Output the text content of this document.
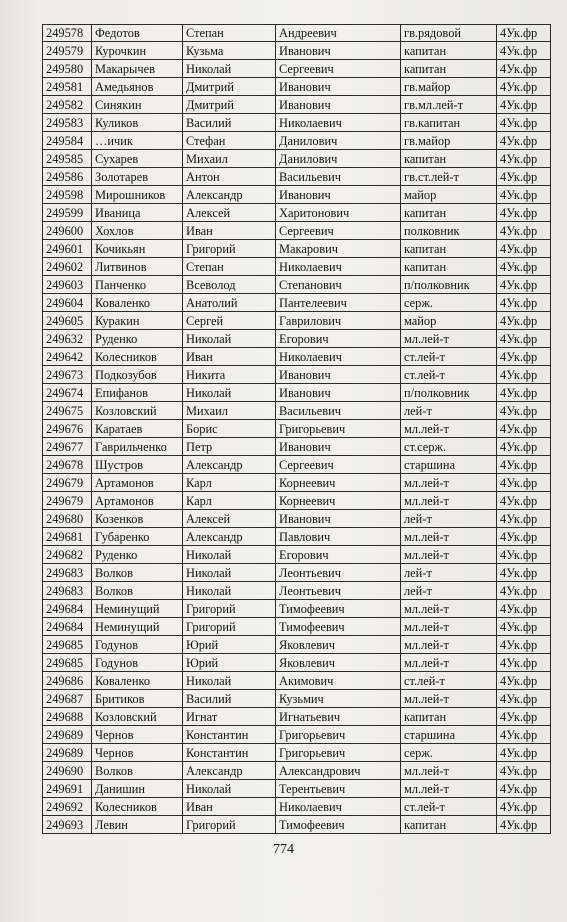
249578	Федотов	Степан	Андреевич	гв.рядовой	4Ук.фр
249579	Курочкин	Кузьма	Иванович	капитан	4Ук.фр
249580	Макарычев	Николай	Сергеевич	капитан	4Ук.фр
249581	Амедьянов	Дмитрий	Иванович	гв.майор	4Ук.фр
249582	Синякин	Дмитрий	Иванович	гв.мл.лей-т	4Ук.фр
249583	Куликов	Василий	Николаевич	гв.капитан	4Ук.фр
249584	…ичик	Стефан	Данилович	гв.майор	4Ук.фр
249585	Сухарев	Михаил	Данилович	капитан	4Ук.фр
249586	Золотарев	Антон	Васильевич	гв.ст.лей-т	4Ук.фр
249598	Мирошников	Александр	Иванович	майор	4Ук.фр
249599	Иваница	Алексей	Харитонович	капитан	4Ук.фр
249600	Хохлов	Иван	Сергеевич	полковник	4Ук.фр
249601	Кочикьян	Григорий	Макарович	капитан	4Ук.фр
249602	Литвинов	Степан	Николаевич	капитан	4Ук.фр
249603	Панченко	Всеволод	Степанович	п/полковник	4Ук.фр
249604	Коваленко	Анатолий	Пантелеевич	серж.	4Ук.фр
249605	Куракин	Сергей	Гаврилович	майор	4Ук.фр
249632	Руденко	Николай	Егорович	мл.лей-т	4Ук.фр
249642	Колесников	Иван	Николаевич	ст.лей-т	4Ук.фр
249673	Подкозубов	Никита	Иванович	ст.лей-т	4Ук.фр
249674	Епифанов	Николай	Иванович	п/полковник	4Ук.фр
249675	Козловский	Михаил	Васильевич	лей-т	4Ук.фр
249676	Каратаев	Борис	Григорьевич	мл.лей-т	4Ук.фр
249677	Гаврильченко	Петр	Иванович	ст.серж.	4Ук.фр
249678	Шустров	Александр	Сергеевич	старшина	4Ук.фр
249679	Артамонов	Карл	Корнеевич	мл.лей-т	4Ук.фр
249679	Артамонов	Карл	Корнеевич	мл.лей-т	4Ук.фр
249680	Козенков	Алексей	Иванович	лей-т	4Ук.фр
249681	Губаренко	Александр	Павлович	мл.лей-т	4Ук.фр
249682	Руденко	Николай	Егорович	мл.лей-т	4Ук.фр
249683	Волков	Николай	Леонтьевич	лей-т	4Ук.фр
249683	Волков	Николай	Леонтьевич	лей-т	4Ук.фр
249684	Неминущий	Григорий	Тимофеевич	мл.лей-т	4Ук.фр
249684	Неминущий	Григорий	Тимофеевич	мл.лей-т	4Ук.фр
249685	Годунов	Юрий	Яковлевич	мл.лей-т	4Ук.фр
249685	Годунов	Юрий	Яковлевич	мл.лей-т	4Ук.фр
249686	Коваленко	Николай	Акимович	ст.лей-т	4Ук.фр
249687	Бритиков	Василий	Кузьмич	мл.лей-т	4Ук.фр
249688	Козловский	Игнат	Игнатьевич	капитан	4Ук.фр
249689	Чернов	Константин	Григорьевич	старшина	4Ук.фр
249689	Чернов	Константин	Григорьевич	серж.	4Ук.фр
249690	Волков	Александр	Александрович	мл.лей-т	4Ук.фр
249691	Данишин	Николай	Терентьевич	мл.лей-т	4Ук.фр
249692	Колесников	Иван	Николаевич	ст.лей-т	4Ук.фр
249693	Левин	Григорий	Тимофеевич	капитан	4Ук.фр
774
